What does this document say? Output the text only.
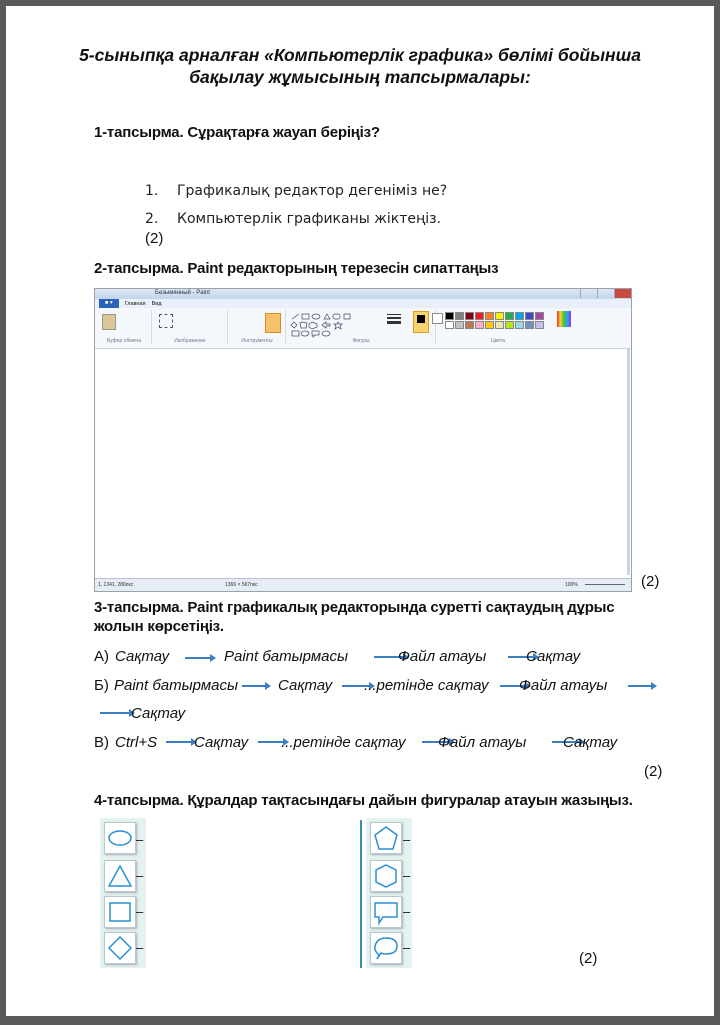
5-сыныпқа арналған «Компьютерлік графика» бөлімі бойынша
бақылау жұмысының тапсырмалары:
1-тапсырма. Сұрақтарға жауап беріңіз?
1. Графикалық редактор дегеніміз не?
2. Компьютерлік графиканы жіктеңіз.
(2)
2-тапсырма. Paint редакторының терезесін сипаттаңыз
Безымянный - Paint
■ ▾	Главная Вид
Буфер обмена	Изображение	Инструменты	Фигуры	Цвета
1, 1341, 286пкс	1366 × 567пкс	100%	(2)
3-тапсырма. Paint графикалық редакторында суретті сақтаудың дұрыс
жолын көрсетіңіз.
А) Сақтау	Paint батырмасы	Файл атауы	Сақтау
Б) Paint батырмасы	Сақтау ...ретінде сақтау Файл атауы
Сақтау
В) Ctrl+S Сақтау ...ретінде сақтау Файл атауы Сақтау
(2)
4-тапсырма. Құралдар тақтасындағы дайын фигуралар атауын жазыңыз.
–
–
–
–
–
–
–
–
(2)
